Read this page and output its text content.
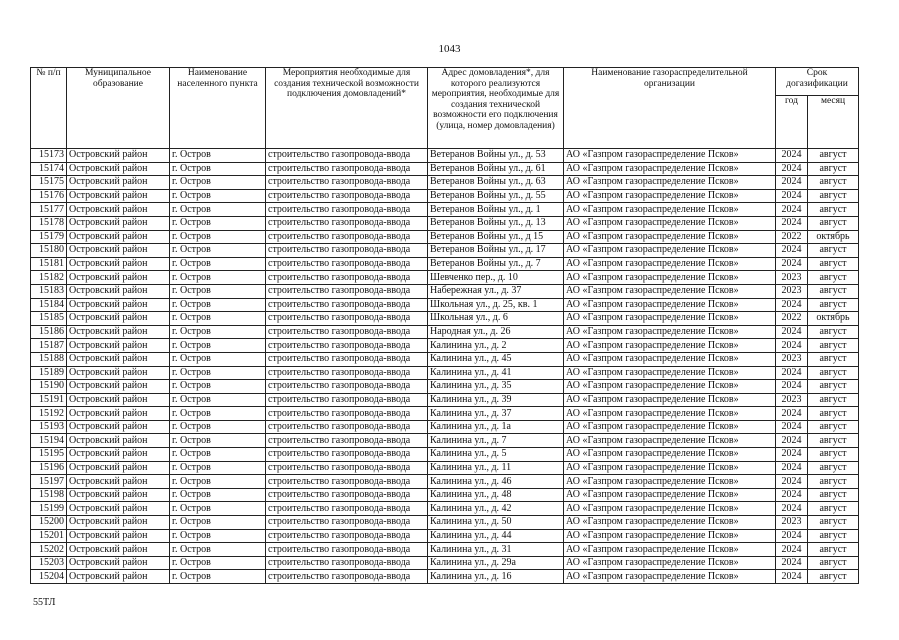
1043
№ п/п	Муниципальное образование	Наименование населенного пункта	Мероприятия необходимые для создания технической возможности подключения домовладений*	Адрес домовладения*, для которого реализуются мероприятия, необходимые для создания технической возможности его подключения (улица, номер домовладения)	Наименование газораспределительной организации	Срок догазификации	
						год	месяц
15173	Островский район	г. Остров	строительство газопровода-ввода	Ветеранов Войны ул., д. 53	АО «Газпром газораспределение Псков»	2024	август
15174	Островский район	г. Остров	строительство газопровода-ввода	Ветеранов Войны ул., д. 61	АО «Газпром газораспределение Псков»	2024	август
15175	Островский район	г. Остров	строительство газопровода-ввода	Ветеранов Войны ул., д. 63	АО «Газпром газораспределение Псков»	2024	август
15176	Островский район	г. Остров	строительство газопровода-ввода	Ветеранов Войны ул., д. 55	АО «Газпром газораспределение Псков»	2024	август
15177	Островский район	г. Остров	строительство газопровода-ввода	Ветеранов Войны ул., д. 1	АО «Газпром газораспределение Псков»	2024	август
15178	Островский район	г. Остров	строительство газопровода-ввода	Ветеранов Войны ул., д. 13	АО «Газпром газораспределение Псков»	2024	август
15179	Островский район	г. Остров	строительство газопровода-ввода	Ветеранов Войны ул., д 15	АО «Газпром газораспределение Псков»	2022	октябрь
15180	Островский район	г. Остров	строительство газопровода-ввода	Ветеранов Войны ул., д. 17	АО «Газпром газораспределение Псков»	2024	август
15181	Островский район	г. Остров	строительство газопровода-ввода	Ветеранов Войны ул., д. 7	АО «Газпром газораспределение Псков»	2024	август
15182	Островский район	г. Остров	строительство газопровода-ввода	Шевченко пер., д. 10	АО «Газпром газораспределение Псков»	2023	август
15183	Островский район	г. Остров	строительство газопровода-ввода	Набережная ул., д. 37	АО «Газпром газораспределение Псков»	2023	август
15184	Островский район	г. Остров	строительство газопровода-ввода	Школьная ул., д. 25, кв. 1	АО «Газпром газораспределение Псков»	2024	август
15185	Островский район	г. Остров	строительство газопровода-ввода	Школьная ул., д. 6	АО «Газпром газораспределение Псков»	2022	октябрь
15186	Островский район	г. Остров	строительство газопровода-ввода	Народная ул., д. 26	АО «Газпром газораспределение Псков»	2024	август
15187	Островский район	г. Остров	строительство газопровода-ввода	Калинина ул., д. 2	АО «Газпром газораспределение Псков»	2024	август
15188	Островский район	г. Остров	строительство газопровода-ввода	Калинина ул., д. 45	АО «Газпром газораспределение Псков»	2023	август
15189	Островский район	г. Остров	строительство газопровода-ввода	Калинина ул., д. 41	АО «Газпром газораспределение Псков»	2024	август
15190	Островский район	г. Остров	строительство газопровода-ввода	Калинина ул., д. 35	АО «Газпром газораспределение Псков»	2024	август
15191	Островский район	г. Остров	строительство газопровода-ввода	Калинина ул., д. 39	АО «Газпром газораспределение Псков»	2023	август
15192	Островский район	г. Остров	строительство газопровода-ввода	Калинина ул., д. 37	АО «Газпром газораспределение Псков»	2024	август
15193	Островский район	г. Остров	строительство газопровода-ввода	Калинина ул., д. 1а	АО «Газпром газораспределение Псков»	2024	август
15194	Островский район	г. Остров	строительство газопровода-ввода	Калинина ул., д. 7	АО «Газпром газораспределение Псков»	2024	август
15195	Островский район	г. Остров	строительство газопровода-ввода	Калинина ул., д. 5	АО «Газпром газораспределение Псков»	2024	август
15196	Островский район	г. Остров	строительство газопровода-ввода	Калинина ул., д. 11	АО «Газпром газораспределение Псков»	2024	август
15197	Островский район	г. Остров	строительство газопровода-ввода	Калинина ул., д. 46	АО «Газпром газораспределение Псков»	2024	август
15198	Островский район	г. Остров	строительство газопровода-ввода	Калинина ул., д. 48	АО «Газпром газораспределение Псков»	2024	август
15199	Островский район	г. Остров	строительство газопровода-ввода	Калинина ул., д. 42	АО «Газпром газораспределение Псков»	2024	август
15200	Островский район	г. Остров	строительство газопровода-ввода	Калинина ул., д. 50	АО «Газпром газораспределение Псков»	2023	август
15201	Островский район	г. Остров	строительство газопровода-ввода	Калинина ул., д. 44	АО «Газпром газораспределение Псков»	2024	август
15202	Островский район	г. Остров	строительство газопровода-ввода	Калинина ул., д. 31	АО «Газпром газораспределение Псков»	2024	август
15203	Островский район	г. Остров	строительство газопровода-ввода	Калинина ул., д. 29а	АО «Газпром газораспределение Псков»	2024	август
15204	Островский район	г. Остров	строительство газопровода-ввода	Калинина ул., д. 16	АО «Газпром газораспределение Псков»	2024	август
55ТЛ
